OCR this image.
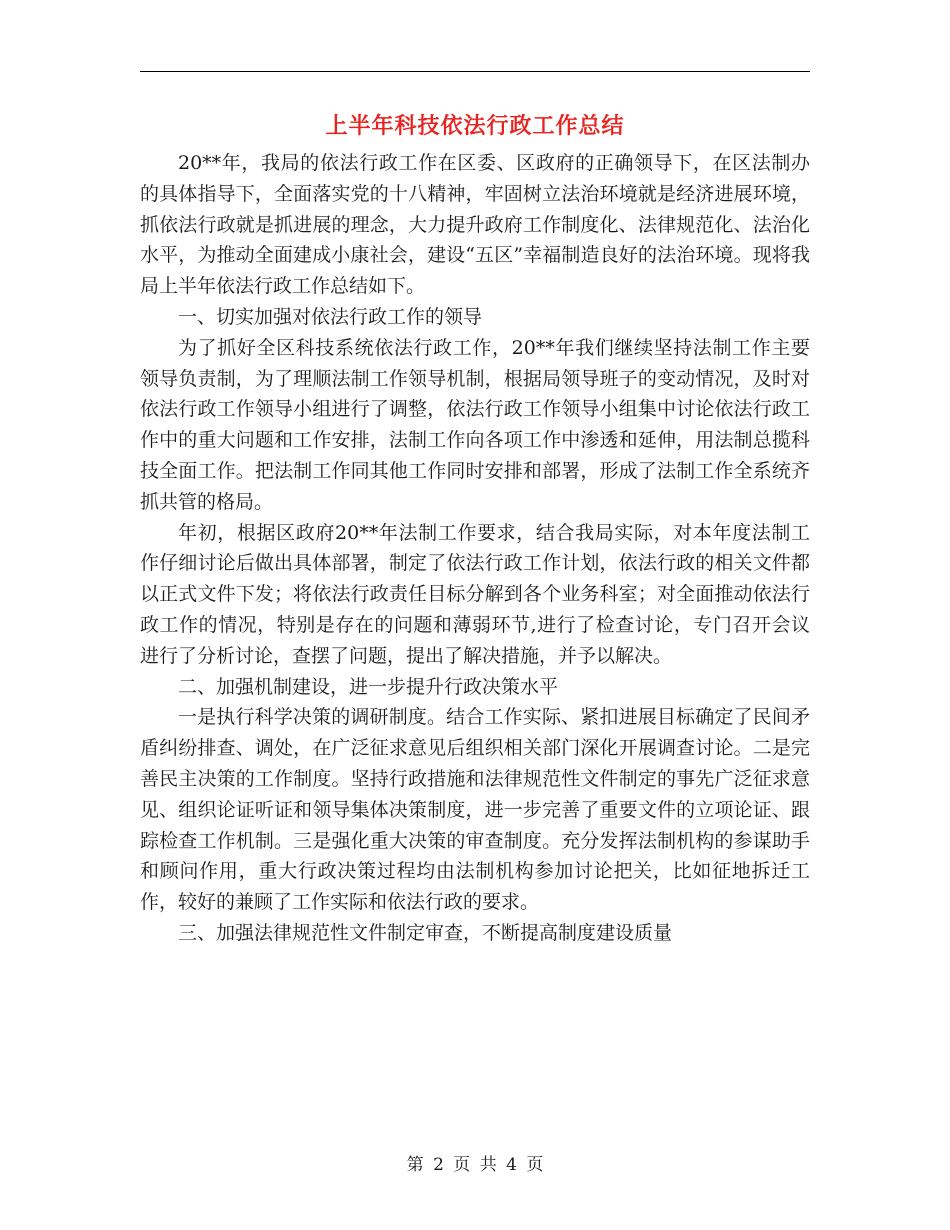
上半年科技依法行政工作总结

20**年，我局的依法行政工作在区委、区政府的正确领导下，在区法制办的具体指导下，全面落实党的十八精神，牢固树立法治环境就是经济进展环境，抓依法行政就是抓进展的理念，大力提升政府工作制度化、法律规范化、法治化水平，为推动全面建成小康社会，建设“五区”幸福制造良好的法治环境。现将我局上半年依法行政工作总结如下。

一、切实加强对依法行政工作的领导

为了抓好全区科技系统依法行政工作，20**年我们继续坚持法制工作主要领导负责制，为了理顺法制工作领导机制，根据局领导班子的变动情况，及时对依法行政工作领导小组进行了调整，依法行政工作领导小组集中讨论依法行政工作中的重大问题和工作安排，法制工作向各项工作中渗透和延伸，用法制总揽科技全面工作。把法制工作同其他工作同时安排和部署，形成了法制工作全系统齐抓共管的格局。

年初，根据区政府20**年法制工作要求，结合我局实际，对本年度法制工作仔细讨论后做出具体部署，制定了依法行政工作计划，依法行政的相关文件都以正式文件下发；将依法行政责任目标分解到各个业务科室；对全面推动依法行政工作的情况，特别是存在的问题和薄弱环节,进行了检查讨论，专门召开会议进行了分析讨论，查摆了问题，提出了解决措施，并予以解决。

二、加强机制建设，进一步提升行政决策水平

一是执行科学决策的调研制度。结合工作实际、紧扣进展目标确定了民间矛盾纠纷排查、调处，在广泛征求意见后组织相关部门深化开展调查讨论。二是完善民主决策的工作制度。坚持行政措施和法律规范性文件制定的事先广泛征求意见、组织论证听证和领导集体决策制度，进一步完善了重要文件的立项论证、跟踪检查工作机制。三是强化重大决策的审查制度。充分发挥法制机构的参谋助手和顾问作用，重大行政决策过程均由法制机构参加讨论把关，比如征地拆迁工作，较好的兼顾了工作实际和依法行政的要求。

三、加强法律规范性文件制定审查，不断提高制度建设质量

第 2 页 共 4 页
